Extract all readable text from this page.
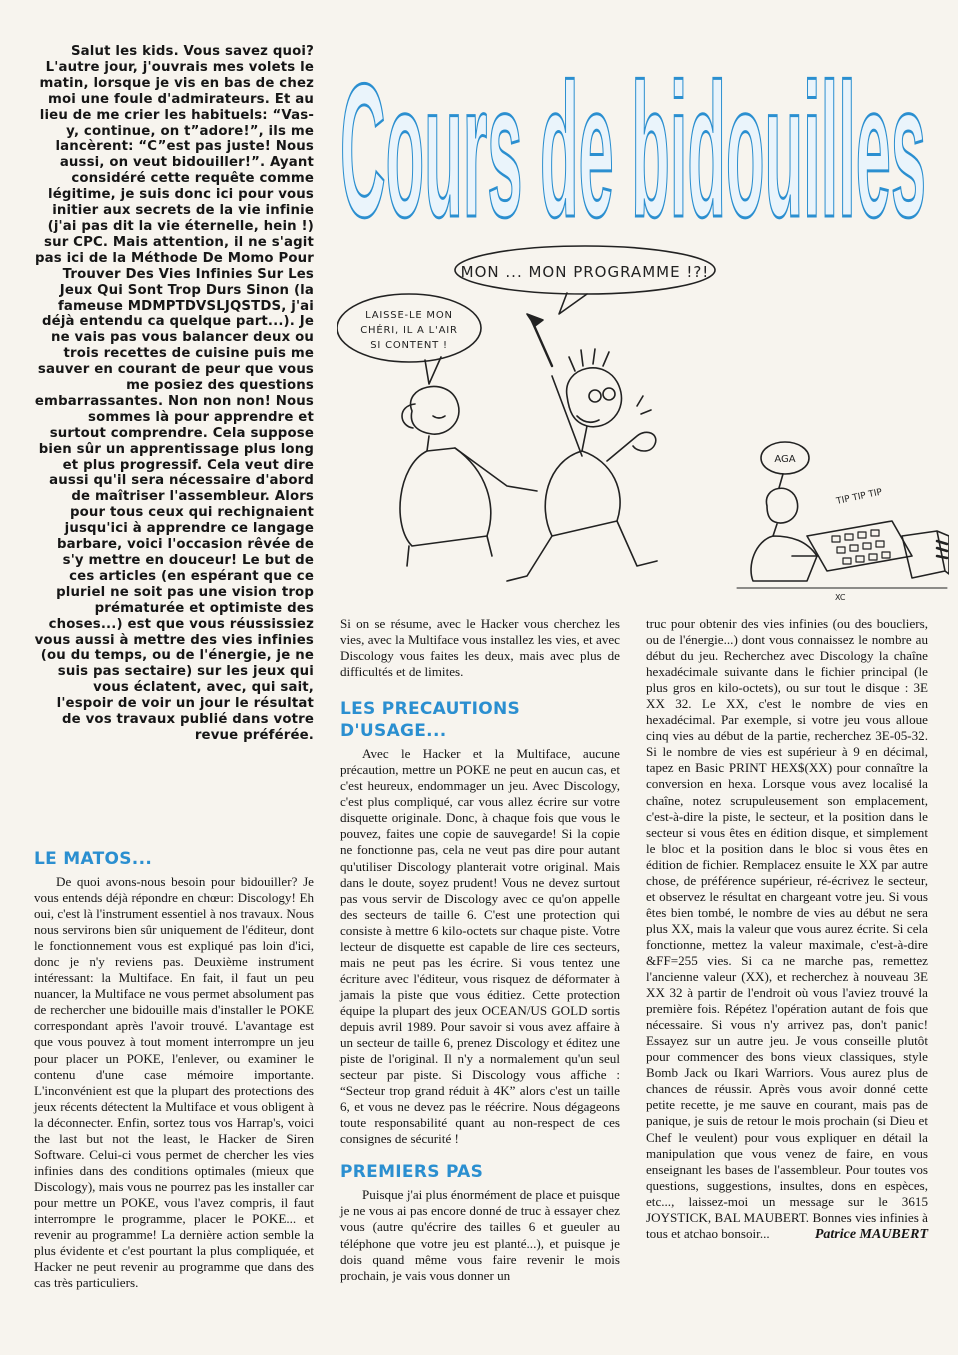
Salut les kids. Vous savez quoi? L'autre jour, j'ouvrais mes volets le matin, lorsque je vis en bas de chez moi une foule d'admirateurs. Et au lieu de me crier les habituels: “Vas-y, continue, on t”adore!”, ils me lancèrent: “C”est pas juste! Nous aussi, on veut bidouiller!”. Ayant considéré cette requête comme légitime, je suis donc ici pour vous initier aux secrets de la vie infinie (j'ai pas dit la vie éternelle, hein !) sur CPC. Mais attention, il ne s'agit pas ici de la Méthode De Momo Pour Trouver Des Vies Infinies Sur Les Jeux Qui Sont Trop Durs Sinon (la fameuse MDMPTDVSLJQSTDS, j'ai déjà entendu ca quelque part...). Je ne vais pas vous balancer deux ou trois recettes de cuisine puis me sauver en courant de peur que vous me posiez des questions embarrassantes. Non non non! Nous sommes là pour apprendre et surtout comprendre. Cela suppose bien sûr un apprentissage plus long et plus progressif. Cela veut dire aussi qu'il sera nécessaire d'abord de maîtriser l'assembleur. Alors pour tous ceux qui rechignaient jusqu'ici à apprendre ce langage barbare, voici l'occasion rêvée de s'y mettre en douceur! Le but de ces articles (en espérant que ce pluriel ne soit pas une vision trop prématurée et optimiste des choses...) est que vous réussissiez vous aussi à mettre des vies infinies (ou du temps, ou de l'énergie, je ne suis pas sectaire) sur les jeux qui vous éclatent, avec, qui sait, l'espoir de voir un jour le résultat de vos travaux publié dans votre revue préférée.

Cours de bidouilles
MON ... MON PROGRAMME !?!
LAISSE-LE MON
CHÉRI, IL A L'AIR
SI CONTENT !
AGA
TIP TIP TIP
XC
LE MATOS...

De quoi avons-nous besoin pour bidouiller? Je vous entends déjà répondre en chœur: Discology! Eh oui, c'est là l'instrument essentiel à nos travaux. Nous nous servirons bien sûr uniquement de l'éditeur, dont le fonctionnement vous est expliqué pas loin d'ici, donc je n'y reviens pas. Deuxième instrument intéressant: la Multiface. En fait, il faut un peu nuancer, la Multiface ne vous permet absolument pas de rechercher une bidouille mais d'installer le POKE correspondant après l'avoir trouvé. L'avantage est que vous pouvez à tout moment interrompre un jeu pour placer un POKE, l'enlever, ou examiner le contenu d'une case mémoire importante. L'inconvénient est que la plupart des protections des jeux récents détectent la Multiface et vous obligent à la déconnecter. Enfin, sortez tous vos Harrap's, voici the last but not the least, le Hacker de Siren Software. Celui-ci vous permet de chercher les vies infinies dans des conditions optimales (mieux que Discology), mais vous ne pourrez pas les installer car pour mettre un POKE, vous l'avez compris, il faut interrompre le programme, placer le POKE... et revenir au programme! La dernière action semble la plus évidente et c'est pourtant la plus compliquée, et Hacker ne peut revenir au programme que dans des cas très particuliers.

Si on se résume, avec le Hacker vous cherchez les vies, avec la Multiface vous installez les vies, et avec Discology vous faites les deux, mais avec plus de difficultés et de limites.

LES PRECAUTIONS D'USAGE...

Avec le Hacker et la Multiface, aucune précaution, mettre un POKE ne peut en aucun cas, et c'est heureux, endommager un jeu. Avec Discology, c'est plus compliqué, car vous allez écrire sur votre disquette originale. Donc, à chaque fois que vous le pouvez, faites une copie de sauvegarde! Si la copie ne fonctionne pas, cela ne veut pas dire pour autant qu'utiliser Discology planterait votre original. Mais dans le doute, soyez prudent! Vous ne devez surtout pas vous servir de Discology avec ce qu'on appelle des secteurs de taille 6. C'est une protection qui consiste à mettre 6 kilo-octets sur chaque piste. Votre lecteur de disquette est capable de lire ces secteurs, mais ne peut pas les écrire. Si vous tentez une écriture avec l'éditeur, vous risquez de déformater à jamais la piste que vous éditiez. Cette protection équipe la plupart des jeux OCEAN/US GOLD sortis depuis avril 1989. Pour savoir si vous avez affaire à un secteur de taille 6, prenez Discology et éditez une piste de l'original. Il n'y a normalement qu'un seul secteur par piste. Si Discology vous affiche : “Secteur trop grand réduit à 4K” alors c'est un taille 6, et vous ne devez pas le réécrire. Nous dégageons toute responsabilité quant au non-respect de ces consignes de sécurité !

PREMIERS PAS

Puisque j'ai plus énormément de place et puisque je ne vous ai pas encore donné de truc à essayer chez vous (autre qu'écrire des tailles 6 et gueuler au téléphone que votre jeu est planté...), et puisque je dois quand même vous faire revenir le mois prochain, je vais vous donner un

truc pour obtenir des vies infinies (ou des boucliers, ou de l'énergie...) dont vous connaissez le nombre au début du jeu. Recherchez avec Discology la chaîne hexadécimale suivante dans le fichier principal (le plus gros en kilo-octets), ou sur tout le disque : 3E XX 32. Le XX, c'est le nombre de vies en hexadécimal. Par exemple, si votre jeu vous alloue cinq vies au début de la partie, recherchez 3E-05-32. Si le nombre de vies est supérieur à 9 en décimal, tapez en Basic PRINT HEX$(XX) pour connaître la conversion en hexa. Lorsque vous avez localisé la chaîne, notez scrupuleusement son emplacement, c'est-à-dire la piste, le secteur, et la position dans le secteur si vous êtes en édition disque, et simplement le bloc et la position dans le bloc si vous êtes en édition de fichier. Remplacez ensuite le XX par autre chose, de préférence supérieur, ré-écrivez le secteur, et observez le résultat en chargeant votre jeu. Si vous êtes bien tombé, le nombre de vies au début ne sera plus XX, mais la valeur que vous aurez écrite. Si cela fonctionne, mettez la valeur maximale, c'est-à-dire &FF=255 vies. Si ca ne marche pas, remettez l'ancienne valeur (XX), et recherchez à nouveau 3E XX 32 à partir de l'endroit où vous l'aviez trouvé la première fois. Répétez l'opération autant de fois que nécessaire. Si vous n'y arrivez pas, don't panic! Essayez sur un autre jeu. Je vous conseille plutôt pour commencer des bons vieux classiques, style Bomb Jack ou Ikari Warriors. Vous aurez plus de chances de réussir. Après vous avoir donné cette petite recette, je me sauve en courant, mais pas de panique, je suis de retour le mois prochain (si Dieu et Chef le veulent) pour vous expliquer en détail la manipulation que vous venez de faire, en vous enseignant les bases de l'assembleur. Pour toutes vos questions, suggestions, insultes, dons en espèces, etc..., laissez-moi un message sur le 3615 JOYSTICK, BAL MAUBERT. Bonnes vies infinies à tous et atchao bonsoir...	Patrice MAUBERT
